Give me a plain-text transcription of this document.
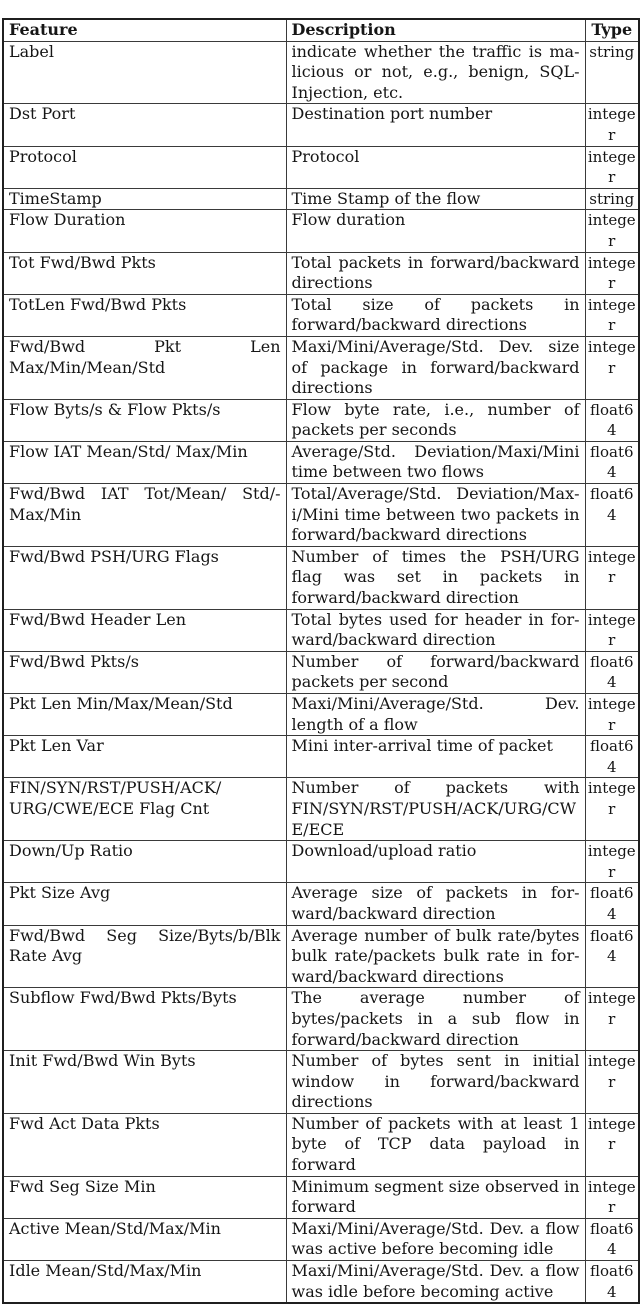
Feature	Description	Type
Label	indicate whether the traffic is malicious or not, e.g., benign, SQL-Injection, etc.	string
Dst Port	Destination port number	integer
Protocol	Protocol	integer
TimeStamp	Time Stamp of the flow	string
Flow Duration	Flow duration	integer
Tot Fwd/Bwd Pkts	Total packets in forward/backward directions	integer
TotLen Fwd/Bwd Pkts	Total size of packets in forward/backward directions	integer
Fwd/Bwd Pkt Len Max/Min/Mean/Std	Maxi/Mini/Average/Std. Dev. size of package in forward/backward directions	integer
Flow Byts/s & Flow Pkts/s	Flow byte rate, i.e., number of packets per seconds	float64
Flow IAT Mean/Std/ Max/Min	Average/Std. Deviation/Maxi/Mini time between two flows	float64
Fwd/Bwd IAT Tot/Mean/ Std/Max/Min	Total/Average/Std. Deviation/Maxi/Mini time between two packets in forward/backward directions	float64
Fwd/Bwd PSH/URG Flags	Number of times the PSH/URG flag was set in packets in forward/backward direction	integer
Fwd/Bwd Header Len	Total bytes used for header in forward/backward direction	integer
Fwd/Bwd Pkts/s	Number of forward/backward packets per second	float64
Pkt Len Min/Max/Mean/Std	Maxi/Mini/Average/Std. Dev. length of a flow	integer
Pkt Len Var	Mini inter-arrival time of packet	float64
FIN/SYN/RST/PUSH/ACK/ URG/CWE/ECE Flag Cnt	Number of packets with FIN/SYN/RST/PUSH/ACK/URG/CWE/ECE	integer
Down/Up Ratio	Download/upload ratio	integer
Pkt Size Avg	Average size of packets in forward/backward direction	float64
Fwd/Bwd Seg Size/Byts/b/Blk Rate Avg	Average number of bulk rate/bytes bulk rate/packets bulk rate in forward/backward directions	float64
Subflow Fwd/Bwd Pkts/Byts	The average number of bytes/packets in a sub flow in forward/backward direction	integer
Init Fwd/Bwd Win Byts	Number of bytes sent in initial window in forward/backward directions	integer
Fwd Act Data Pkts	Number of packets with at least 1 byte of TCP data payload in forward	integer
Fwd Seg Size Min	Minimum segment size observed in forward	integer
Active Mean/Std/Max/Min	Maxi/Mini/Average/Std. Dev. a flow was active before becoming idle	float64
Idle Mean/Std/Max/Min	Maxi/Mini/Average/Std. Dev. a flow was idle before becoming active	float64
